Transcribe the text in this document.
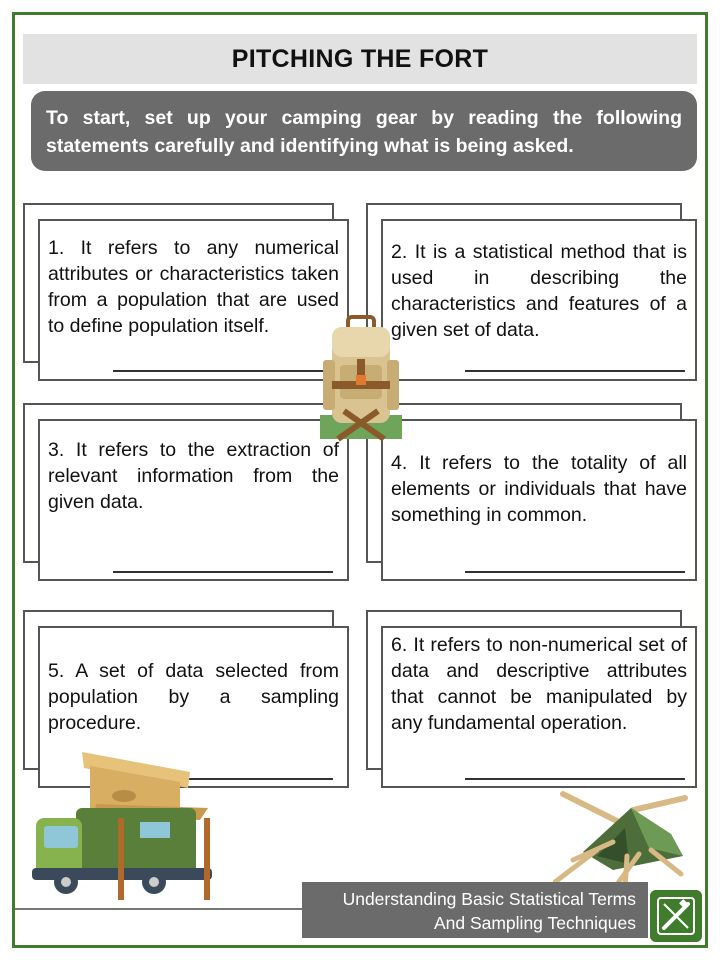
PITCHING THE FORT
To start, set up your camping gear by reading the following statements carefully and identifying what is being asked.

1. It refers to any numerical attributes or characteristics taken from a population that are used to define population itself.

2. It is a statistical method that is used in describing the characteristics and features of a given set of data.

3. It refers to the extraction of relevant information from the given data.

4. It refers to the totality of all elements or individuals that have something in common.

5. A set of data selected from population by a sampling procedure.

6. It refers to non-numerical set of data and descriptive attributes that cannot be manipulated by any fundamental operation.

Understanding Basic Statistical Terms
And Sampling Techniques
